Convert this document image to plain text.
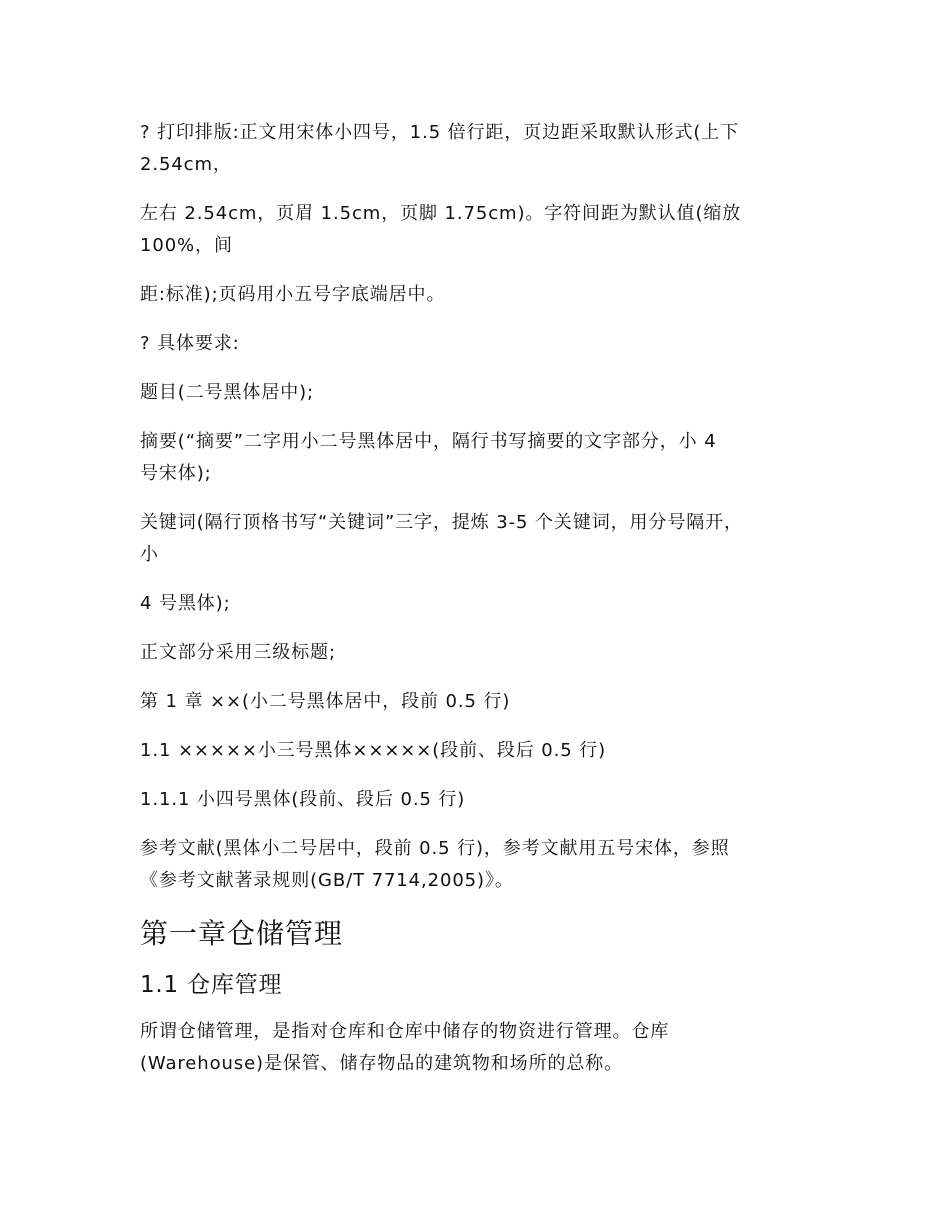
? 打印排版:正文用宋体小四号，1.5 倍行距，页边距采取默认形式(上下
2.54cm，
左右 2.54cm，页眉 1.5cm，页脚 1.75cm)。字符间距为默认值(缩放
100%，间
距:标准);页码用小五号字底端居中。
? 具体要求:
题目(二号黑体居中);
摘要(“摘要”二字用小二号黑体居中，隔行书写摘要的文字部分，小 4
号宋体);
关键词(隔行顶格书写“关键词”三字，提炼 3-5 个关键词，用分号隔开，
小
4 号黑体);
正文部分采用三级标题;
第 1 章 ××(小二号黑体居中，段前 0.5 行)
1.1 ×××××小三号黑体×××××(段前、段后 0.5 行)
1.1.1 小四号黑体(段前、段后 0.5 行)
参考文献(黑体小二号居中，段前 0.5 行)，参考文献用五号宋体，参照
《参考文献著录规则(GB/T 7714,2005)》。
第一章仓储管理
1.1 仓库管理
所谓仓储管理，是指对仓库和仓库中储存的物资进行管理。仓库
(Warehouse)是保管、储存物品的建筑物和场所的总称。
